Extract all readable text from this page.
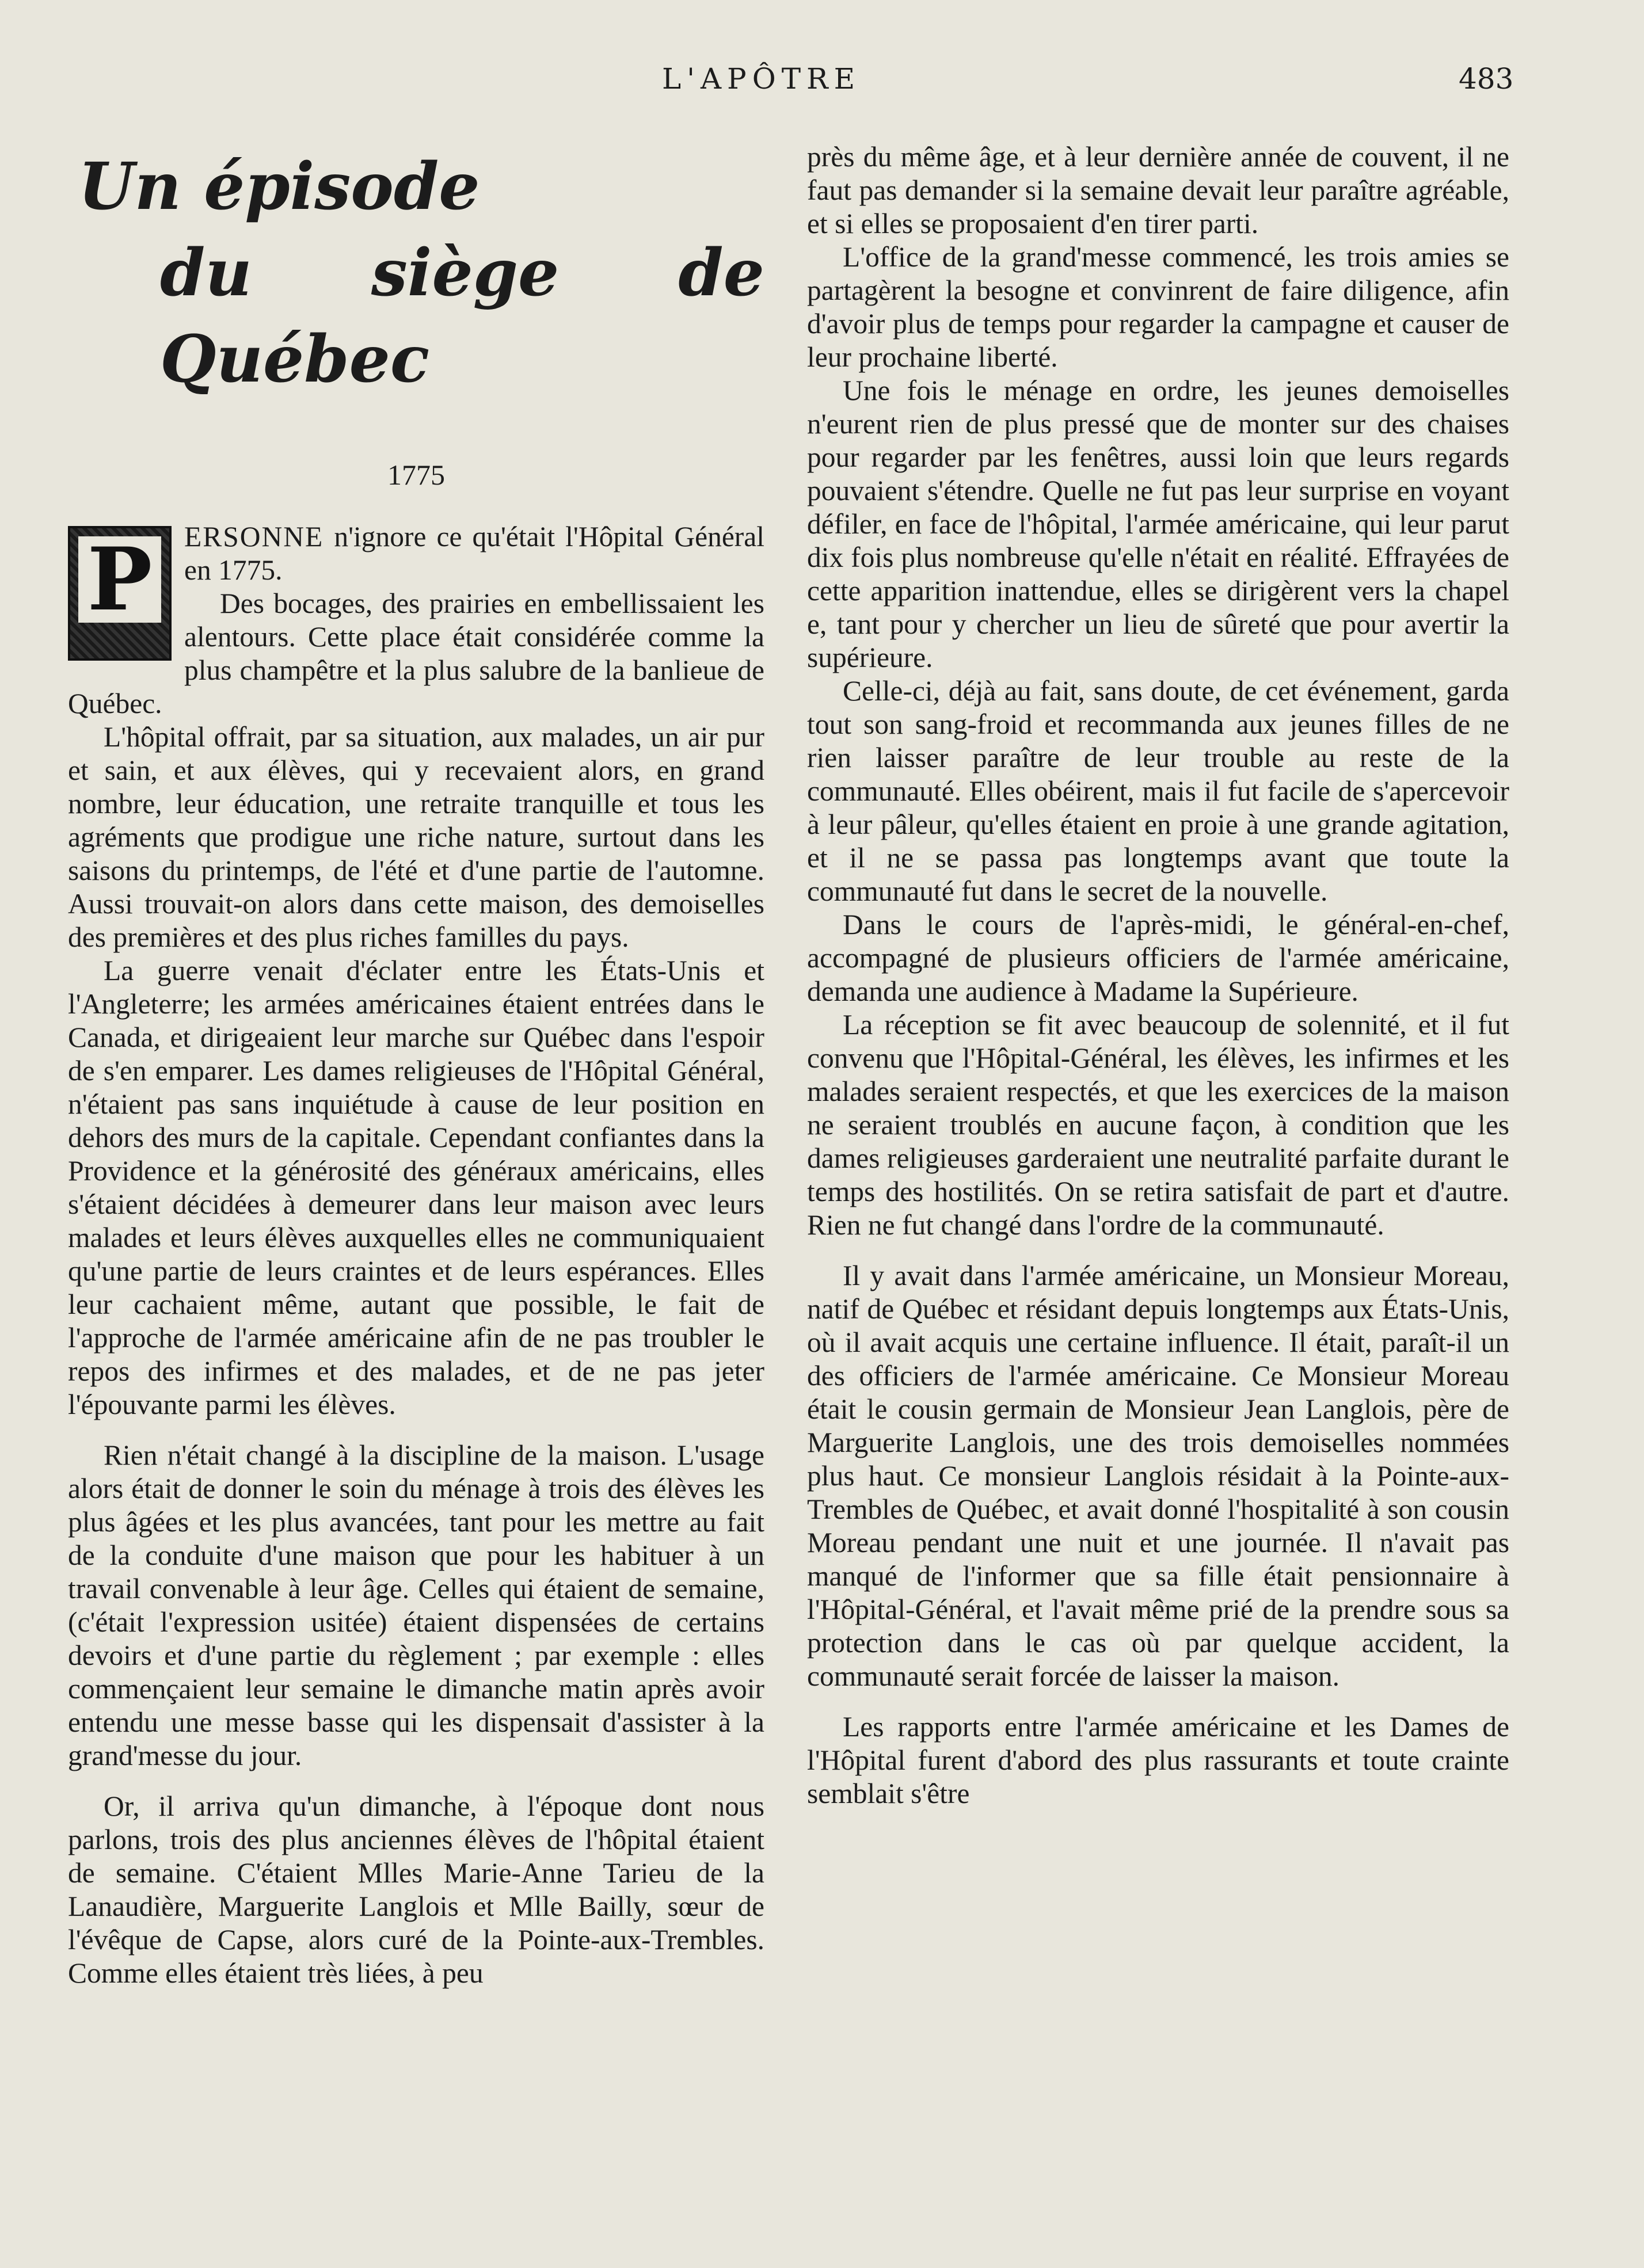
L'APÔTRE	483
Un épisode
du siège de Québec
1775

P	ERSONNE n'ignore ce qu'était l'Hôpital Général en 1775.

Des bocages, des prairies en embellissaient les alentours. Cette place était considérée comme la plus champêtre et la plus salubre de la banlieue de Québec.

L'hôpital offrait, par sa situation, aux malades, un air pur et sain, et aux élèves, qui y recevaient alors, en grand nombre, leur éducation, une retraite tranquille et tous les agréments que prodigue une riche nature, surtout dans les saisons du printemps, de l'été et d'une partie de l'automne. Aussi trouvait-on alors dans cette maison, des demoiselles des premières et des plus riches familles du pays.

La guerre venait d'éclater entre les États-Unis et l'Angleterre; les armées américaines étaient entrées dans le Canada, et dirigeaient leur marche sur Québec dans l'espoir de s'en emparer. Les dames religieuses de l'Hôpital Général, n'étaient pas sans inquiétude à cause de leur position en dehors des murs de la capitale. Cependant confiantes dans la Providence et la générosité des généraux américains, elles s'étaient décidées à demeurer dans leur maison avec leurs malades et leurs élèves auxquelles elles ne communiquaient qu'une partie de leurs craintes et de leurs espérances. Elles leur cachaient même, autant que possible, le fait de l'approche de l'armée américaine afin de ne pas troubler le repos des infirmes et des malades, et de ne pas jeter l'épouvante parmi les élèves.

Rien n'était changé à la discipline de la maison. L'usage alors était de donner le soin du ménage à trois des élèves les plus âgées et les plus avancées, tant pour les mettre au fait de la conduite d'une maison que pour les habituer à un travail convenable à leur âge. Celles qui étaient de semaine, (c'était l'expression usitée) étaient dispensées de certains devoirs et d'une partie du règlement ; par exemple : elles commençaient leur semaine le dimanche matin après avoir entendu une messe basse qui les dispensait d'assister à la grand'messe du jour.

Or, il arriva qu'un dimanche, à l'époque dont nous parlons, trois des plus anciennes élèves de l'hôpital étaient de semaine. C'étaient Mlles Marie-Anne Tarieu de la Lanaudière, Marguerite Langlois et Mlle Bailly, sœur de l'évêque de Capse, alors curé de la Pointe-aux-Trembles. Comme elles étaient très liées, à peu

près du même âge, et à leur dernière année de couvent, il ne faut pas demander si la semaine devait leur paraître agréable, et si elles se proposaient d'en tirer parti.

L'office de la grand'messe commencé, les trois amies se partagèrent la besogne et convinrent de faire diligence, afin d'avoir plus de temps pour regarder la campagne et causer de leur prochaine liberté.

Une fois le ménage en ordre, les jeunes demoiselles n'eurent rien de plus pressé que de monter sur des chaises pour regarder par les fenêtres, aussi loin que leurs regards pouvaient s'étendre. Quelle ne fut pas leur surprise en voyant défiler, en face de l'hôpital, l'armée américaine, qui leur parut dix fois plus nombreuse qu'elle n'était en réalité. Effrayées de cette apparition inattendue, elles se dirigèrent vers la chapel e, tant pour y chercher un lieu de sûreté que pour avertir la supérieure.

Celle-ci, déjà au fait, sans doute, de cet événement, garda tout son sang-froid et recommanda aux jeunes filles de ne rien laisser paraître de leur trouble au reste de la communauté. Elles obéirent, mais il fut facile de s'apercevoir à leur pâleur, qu'elles étaient en proie à une grande agitation, et il ne se passa pas longtemps avant que toute la communauté fut dans le secret de la nouvelle.

Dans le cours de l'après-midi, le général-en-chef, accompagné de plusieurs officiers de l'armée américaine, demanda une audience à Madame la Supérieure.

La réception se fit avec beaucoup de solennité, et il fut convenu que l'Hôpital-Général, les élèves, les infirmes et les malades seraient respectés, et que les exercices de la maison ne seraient troublés en aucune façon, à condition que les dames religieuses garderaient une neutralité parfaite durant le temps des hostilités. On se retira satisfait de part et d'autre. Rien ne fut changé dans l'ordre de la communauté.

Il y avait dans l'armée américaine, un Monsieur Moreau, natif de Québec et résidant depuis longtemps aux États-Unis, où il avait acquis une certaine influence. Il était, paraît-il un des officiers de l'armée américaine. Ce Monsieur Moreau était le cousin germain de Monsieur Jean Langlois, père de Marguerite Langlois, une des trois demoiselles nommées plus haut. Ce monsieur Langlois résidait à la Pointe-aux-Trembles de Québec, et avait donné l'hospitalité à son cousin Moreau pendant une nuit et une journée. Il n'avait pas manqué de l'informer que sa fille était pensionnaire à l'Hôpital-Général, et l'avait même prié de la prendre sous sa protection dans le cas où par quelque accident, la communauté serait forcée de laisser la maison.

Les rapports entre l'armée américaine et les Dames de l'Hôpital furent d'abord des plus rassurants et toute crainte semblait s'être
